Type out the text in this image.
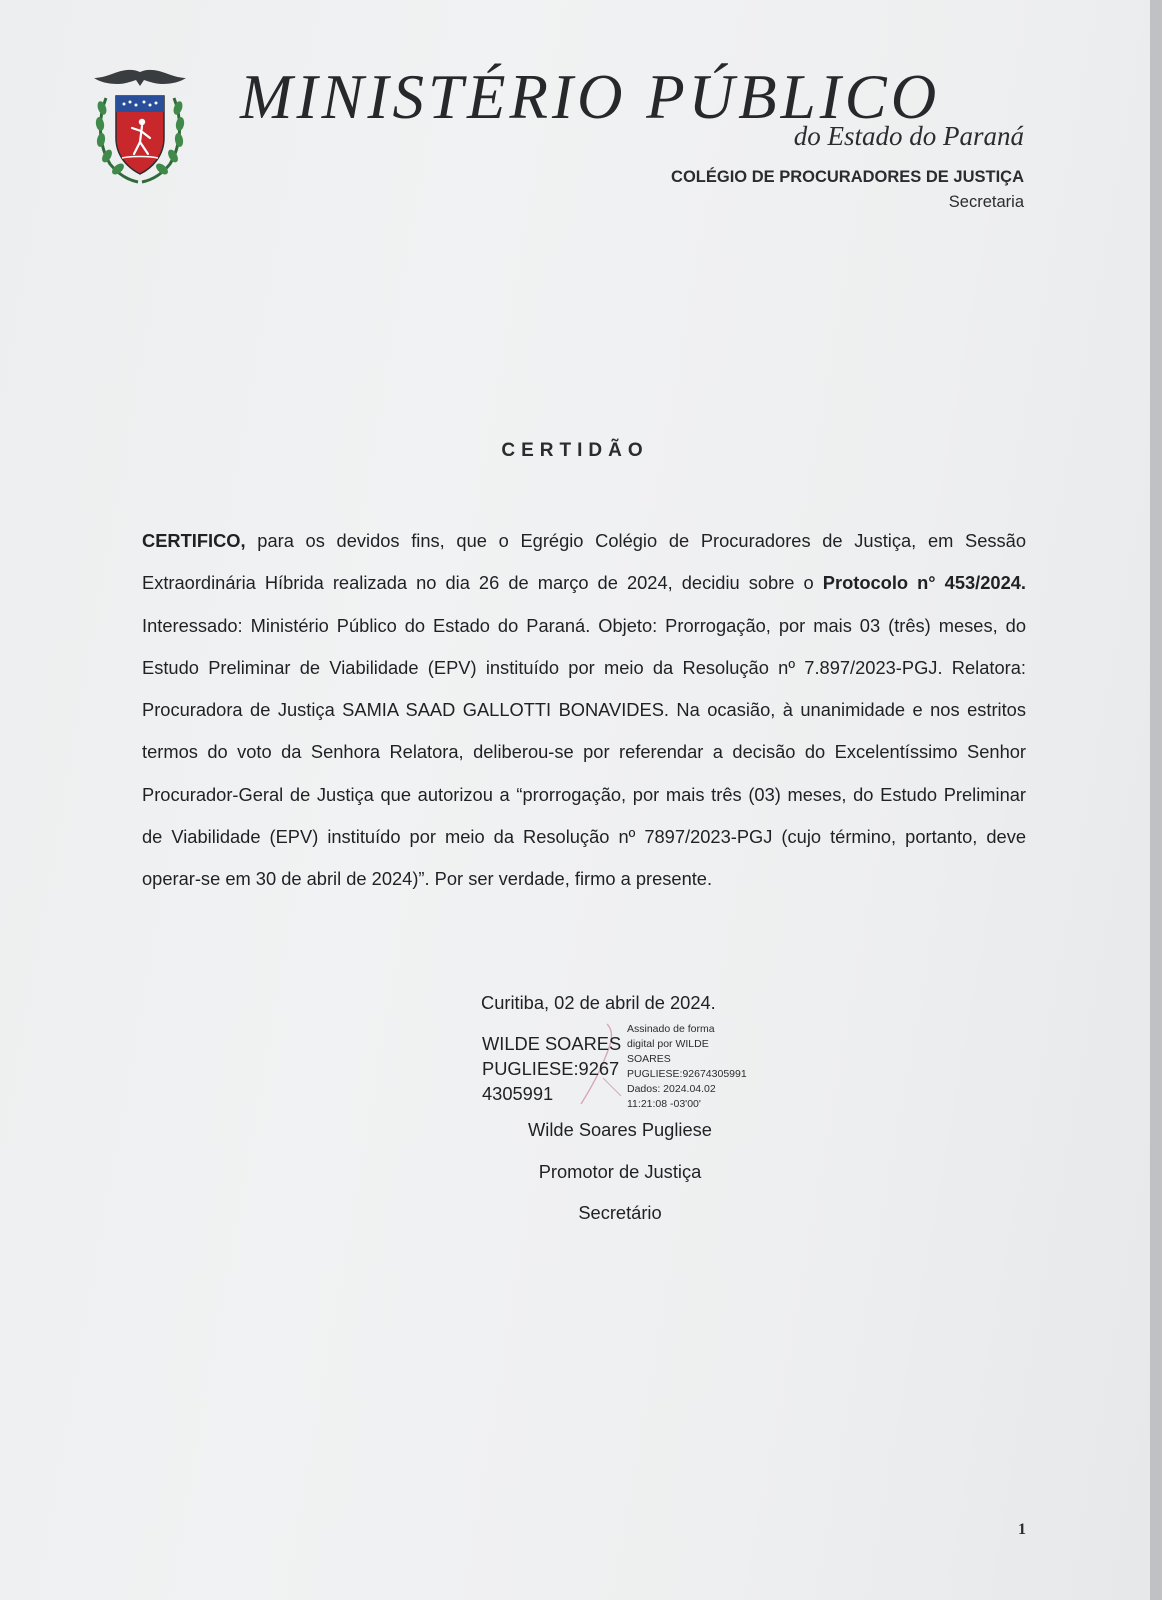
MINISTÉRIO PÚBLICO
do Estado do Paraná
COLÉGIO DE PROCURADORES DE JUSTIÇA
Secretaria
CERTIDÃO
CERTIFICO, para os devidos fins, que o Egrégio Colégio de Procuradores de Justiça, em Sessão Extraordinária Híbrida realizada no dia 26 de março de 2024, decidiu sobre o Protocolo n° 453/2024. Interessado: Ministério Público do Estado do Paraná. Objeto: Prorrogação, por mais 03 (três) meses, do Estudo Preliminar de Viabilidade (EPV) instituído por meio da Resolução nº 7.897/2023-PGJ. Relatora: Procuradora de Justiça SAMIA SAAD GALLOTTI BONAVIDES. Na ocasião, à unanimidade e nos estritos termos do voto da Senhora Relatora, deliberou-se por referendar a decisão do Excelentíssimo Senhor Procurador-Geral de Justiça que autorizou a “prorrogação, por mais três (03) meses, do Estudo Preliminar de Viabilidade (EPV) instituído por meio da Resolução nº 7897/2023-PGJ (cujo término, portanto, deve operar-se em 30 de abril de 2024)”. Por ser verdade, firmo a presente.
Curitiba, 02 de abril de 2024.
WILDE SOARES
PUGLIESE:9267
4305991
Assinado de forma
digital por WILDE
SOARES
PUGLIESE:92674305991
Dados: 2024.04.02
11:21:08 -03'00'
Wilde Soares Pugliese
Promotor de Justiça
Secretário
1
